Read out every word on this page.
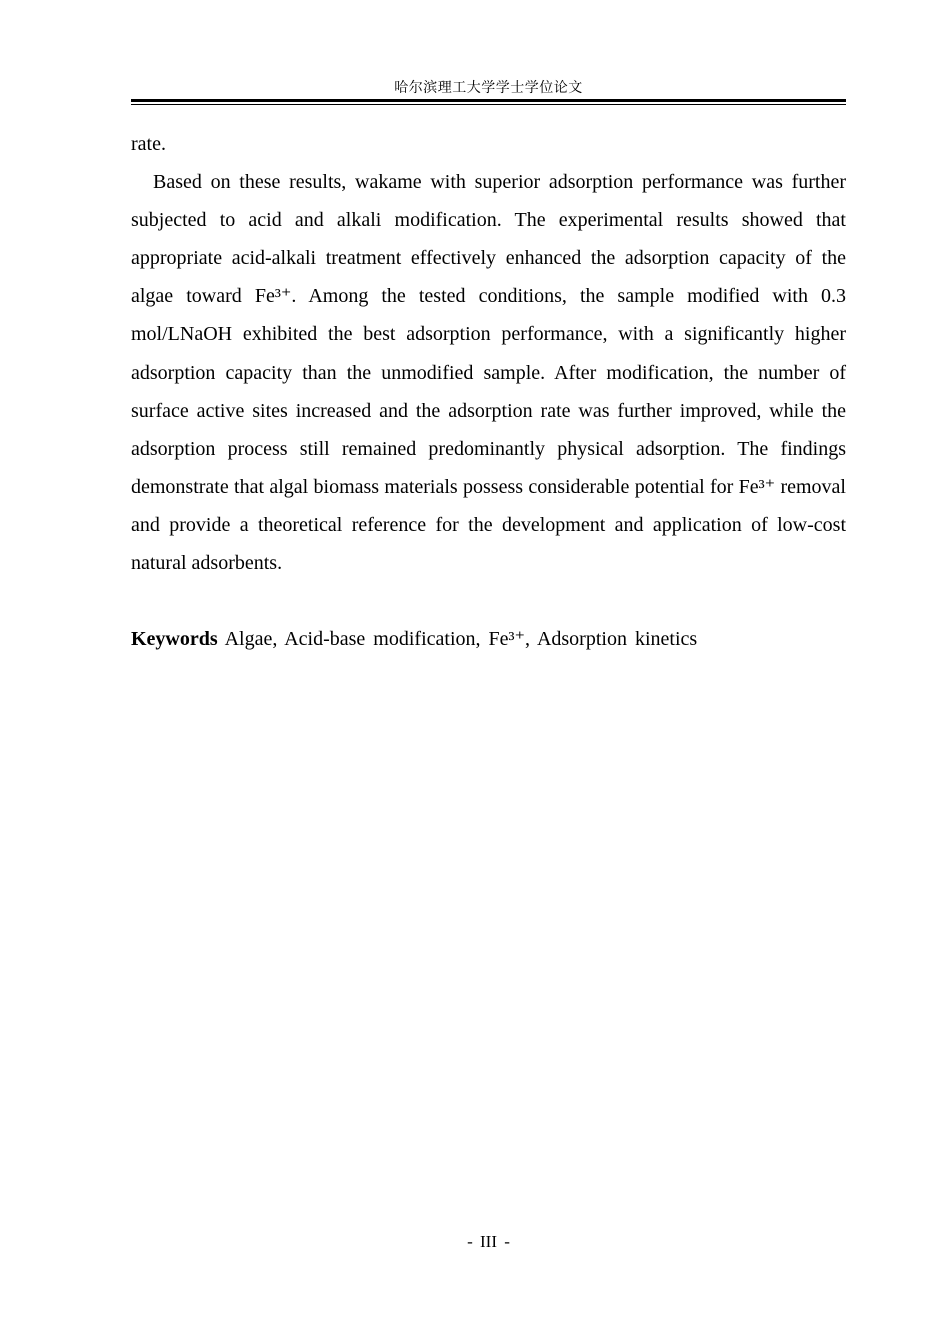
哈尔滨理工大学学士学位论文

rate.

Based on these results, wakame with superior adsorption performance was further subjected to acid and alkali modification. The experimental results showed that appropriate acid-alkali treatment effectively enhanced the adsorption capacity of the algae toward Fe³⁺. Among the tested conditions, the sample modified with 0.3 mol/LNaOH exhibited the best adsorption performance, with a significantly higher adsorption capacity than the unmodified sample. After modification, the number of surface active sites increased and the adsorption rate was further improved, while the adsorption process still remained predominantly physical adsorption. The findings demonstrate that algal biomass materials possess considerable potential for Fe³⁺ removal and provide a theoretical reference for the development and application of low-cost natural adsorbents.

Keywords Algae, Acid-base modification, Fe³⁺, Adsorption kinetics

- III -
